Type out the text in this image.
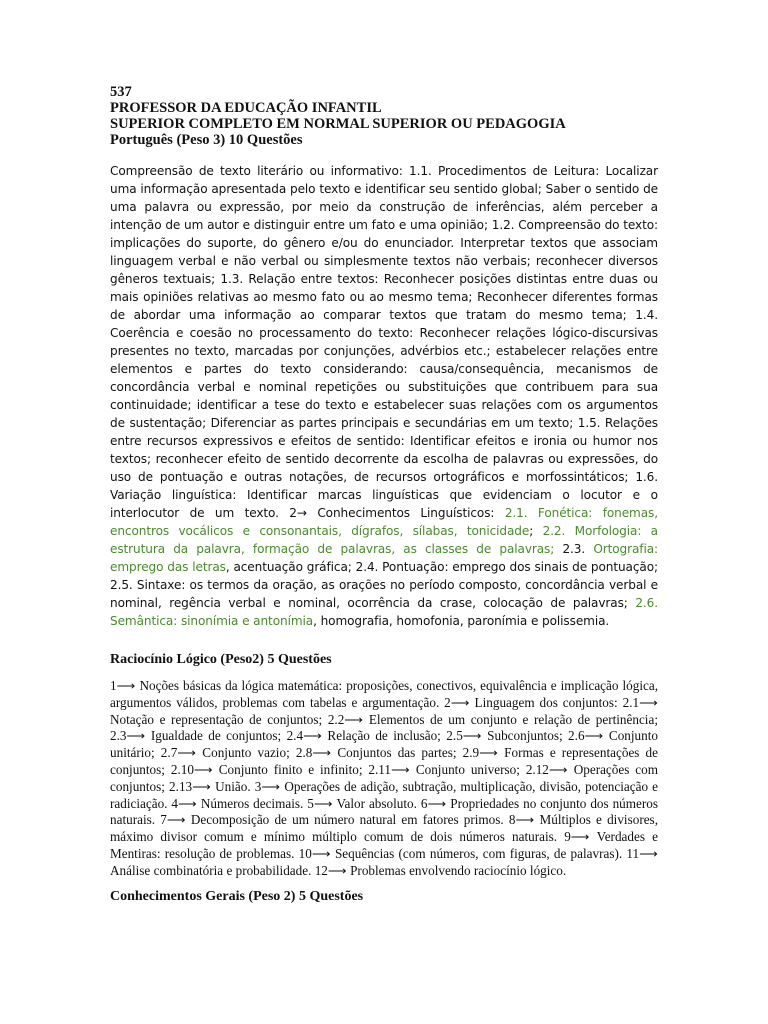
537

PROFESSOR DA EDUCAÇÃO INFANTIL

SUPERIOR COMPLETO EM NORMAL SUPERIOR OU PEDAGOGIA

Português (Peso 3) 10 Questões

Compreensão de texto literário ou informativo: 1.1. Procedimentos de Leitura: Localizar uma informação apresentada pelo texto e identificar seu sentido global; Saber o sentido de uma palavra ou expressão, por meio da construção de inferências, além perceber a intenção de um autor e distinguir entre um fato e uma opinião; 1.2. Compreensão do texto: implicações do suporte, do gênero e/ou do enunciador. Interpretar textos que associam linguagem verbal e não verbal ou simplesmente textos não verbais; reconhecer diversos gêneros textuais; 1.3. Relação entre textos: Reconhecer posições distintas entre duas ou mais opiniões relativas ao mesmo fato ou ao mesmo tema; Reconhecer diferentes formas de abordar uma informação ao comparar textos que tratam do mesmo tema; 1.4. Coerência e coesão no processamento do texto: Reconhecer relações lógico-discursivas presentes no texto, marcadas por conjunções, advérbios etc.; estabelecer relações entre elementos e partes do texto considerando: causa/consequência, mecanismos de concordância verbal e nominal repetições ou substituições que contribuem para sua continuidade; identificar a tese do texto e estabelecer suas relações com os argumentos de sustentação; Diferenciar as partes principais e secundárias em um texto; 1.5. Relações entre recursos expressivos e efeitos de sentido: Identificar efeitos e ironia ou humor nos textos; reconhecer efeito de sentido decorrente da escolha de palavras ou expressões, do uso de pontuação e outras notações, de recursos ortográficos e morfossintáticos; 1.6. Variação linguística: Identificar marcas linguísticas que evidenciam o locutor e o interlocutor de um texto. 2→ Conhecimentos Linguísticos: 2.1. Fonética: fonemas, encontros vocálicos e consonantais, dígrafos, sílabas, tonicidade; 2.2. Morfologia: a estrutura da palavra, formação de palavras, as classes de palavras; 2.3. Ortografia: emprego das letras, acentuação gráfica; 2.4. Pontuação: emprego dos sinais de pontuação; 2.5. Sintaxe: os termos da oração, as orações no período composto, concordância verbal e nominal, regência verbal e nominal, ocorrência da crase, colocação de palavras; 2.6. Semântica: sinonímia e antonímia, homografia, homofonia, paronímia e polissemia.

Raciocínio Lógico (Peso2) 5 Questões

1⟶ Noções básicas da lógica matemática: proposições, conectivos, equivalência e implicação lógica, argumentos válidos, problemas com tabelas e argumentação. 2⟶ Linguagem dos conjuntos: 2.1⟶ Notação e representação de conjuntos; 2.2⟶ Elementos de um conjunto e relação de pertinência; 2.3⟶ Igualdade de conjuntos; 2.4⟶ Relação de inclusão; 2.5⟶ Subconjuntos; 2.6⟶ Conjunto unitário; 2.7⟶ Conjunto vazio; 2.8⟶ Conjuntos das partes; 2.9⟶ Formas e representações de conjuntos; 2.10⟶ Conjunto finito e infinito; 2.11⟶ Conjunto universo; 2.12⟶ Operações com conjuntos; 2.13⟶ União. 3⟶ Operações de adição, subtração, multiplicação, divisão, potenciação e radiciação. 4⟶ Números decimais. 5⟶ Valor absoluto. 6⟶ Propriedades no conjunto dos números naturais. 7⟶ Decomposição de um número natural em fatores primos. 8⟶ Múltiplos e divisores, máximo divisor comum e mínimo múltiplo comum de dois números naturais. 9⟶ Verdades e Mentiras: resolução de problemas. 10⟶ Sequências (com números, com figuras, de palavras). 11⟶ Análise combinatória e probabilidade. 12⟶ Problemas envolvendo raciocínio lógico.

Conhecimentos Gerais (Peso 2) 5 Questões
